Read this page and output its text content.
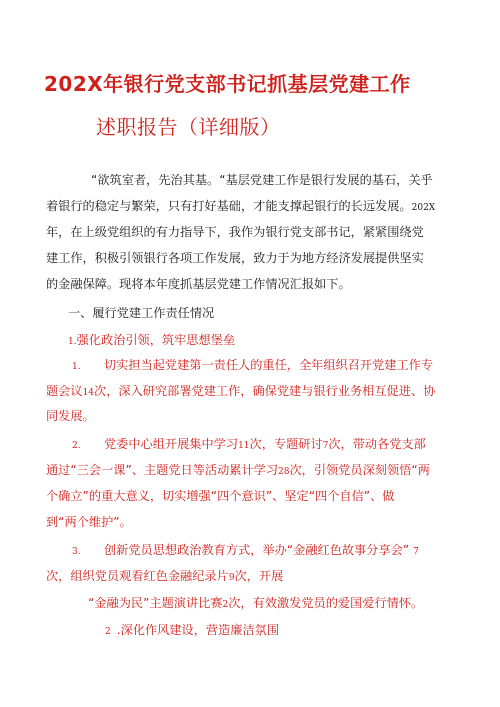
202X年银行党支部书记抓基层党建工作
述职报告（详细版）
“欲筑室者，先治其基。“基层党建工作是银行发展的基石，关乎
着银行的稳定与繁荣，只有打好基础，才能支撑起银行的长远发展。202X
年，在上级党组织的有力指导下，我作为银行党支部书记，紧紧围绕党
建工作，积极引领银行各项工作发展，致力于为地方经济发展提供坚实
的金融保障。现将本年度抓基层党建工作情况汇报如下。
一、履行党建工作责任情况
1.强化政治引领，筑牢思想堡垒
1. 切实担当起党建第一责任人的重任，全年组织召开党建工作专
题会议14次，深入研究部署党建工作，确保党建与银行业务相互促进、协
同发展。
2. 党委中心组开展集中学习11次，专题研讨7次，带动各党支部
通过“三会一课”、主题党日等活动累计学习28次，引领党员深刻领悟“两
个确立”的重大意义，切实增强“四个意识”、坚定“四个自信”、做
到“两个维护”。
3. 创新党员思想政治教育方式，举办“金融红色故事分享会” 7
次，组织党员观看红色金融纪录片9次，开展
“金融为民”主题演讲比赛2次，有效激发党员的爱国爱行情怀。
2 .深化作风建设，营造廉洁氛围
